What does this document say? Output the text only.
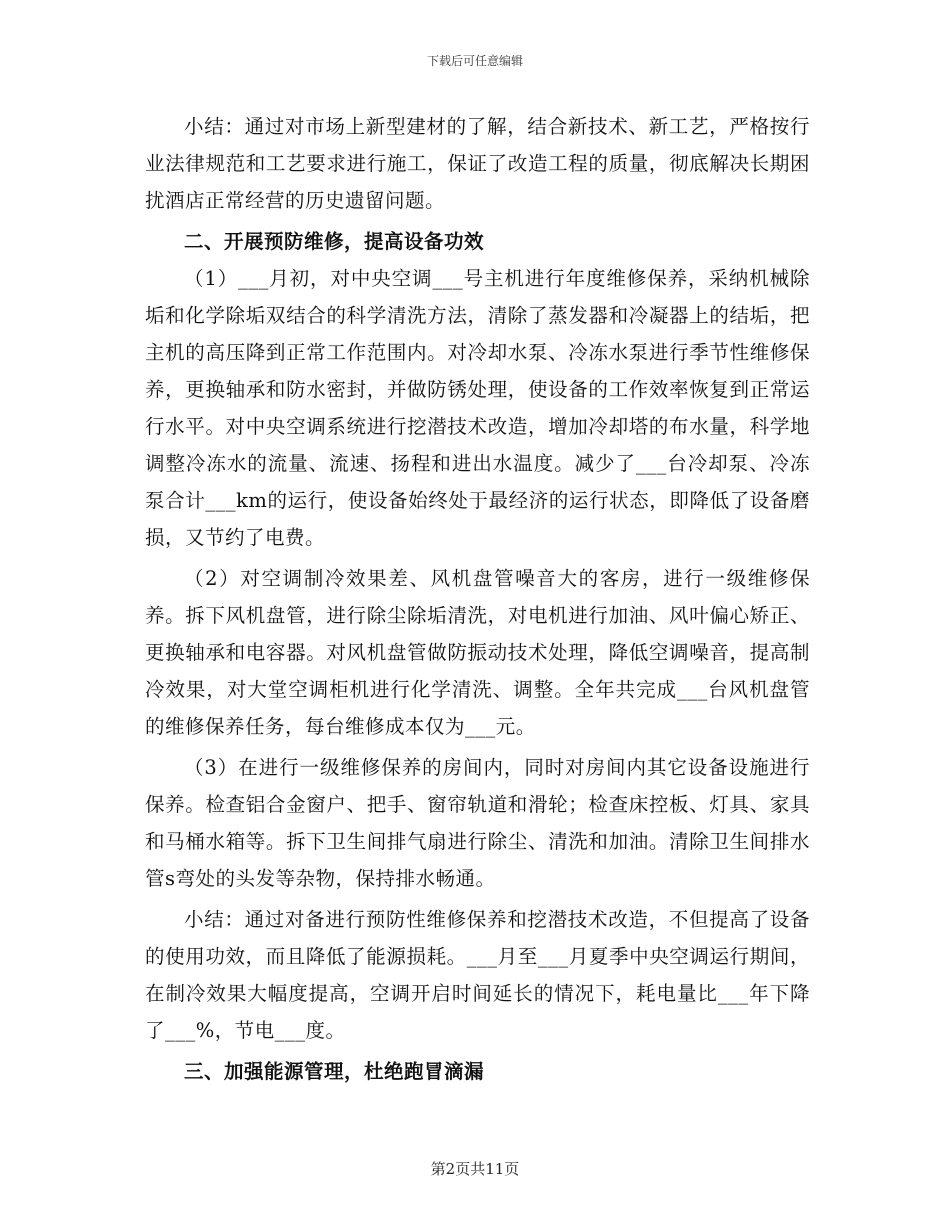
下载后可任意编辑

小结：通过对市场上新型建材的了解，结合新技术、新工艺，严格按行业法律规范和工艺要求进行施工，保证了改造工程的质量，彻底解决长期困扰酒店正常经营的历史遗留问题。

二、开展预防维修，提高设备功效

（1）___月初，对中央空调___号主机进行年度维修保养，采纳机械除垢和化学除垢双结合的科学清洗方法，清除了蒸发器和冷凝器上的结垢，把主机的高压降到正常工作范围内。对冷却水泵、冷冻水泵进行季节性维修保养，更换轴承和防水密封，并做防锈处理，使设备的工作效率恢复到正常运行水平。对中央空调系统进行挖潜技术改造，增加冷却塔的布水量，科学地调整冷冻水的流量、流速、扬程和进出水温度。减少了___台冷却泵、冷冻泵合计___km的运行，使设备始终处于最经济的运行状态，即降低了设备磨损，又节约了电费。

（2）对空调制冷效果差、风机盘管噪音大的客房，进行一级维修保养。拆下风机盘管，进行除尘除垢清洗，对电机进行加油、风叶偏心矫正、更换轴承和电容器。对风机盘管做防振动技术处理，降低空调噪音，提高制冷效果，对大堂空调柜机进行化学清洗、调整。全年共完成___台风机盘管的维修保养任务，每台维修成本仅为___元。

（3）在进行一级维修保养的房间内，同时对房间内其它设备设施进行保养。检查铝合金窗户、把手、窗帘轨道和滑轮；检查床控板、灯具、家具和马桶水箱等。拆下卫生间排气扇进行除尘、清洗和加油。清除卫生间排水管s弯处的头发等杂物，保持排水畅通。

小结：通过对备进行预防性维修保养和挖潜技术改造，不但提高了设备的使用功效，而且降低了能源损耗。___月至___月夏季中央空调运行期间，在制冷效果大幅度提高，空调开启时间延长的情况下，耗电量比___年下降了___%，节电___度。

三、加强能源管理，杜绝跑冒滴漏

第2页共11页
